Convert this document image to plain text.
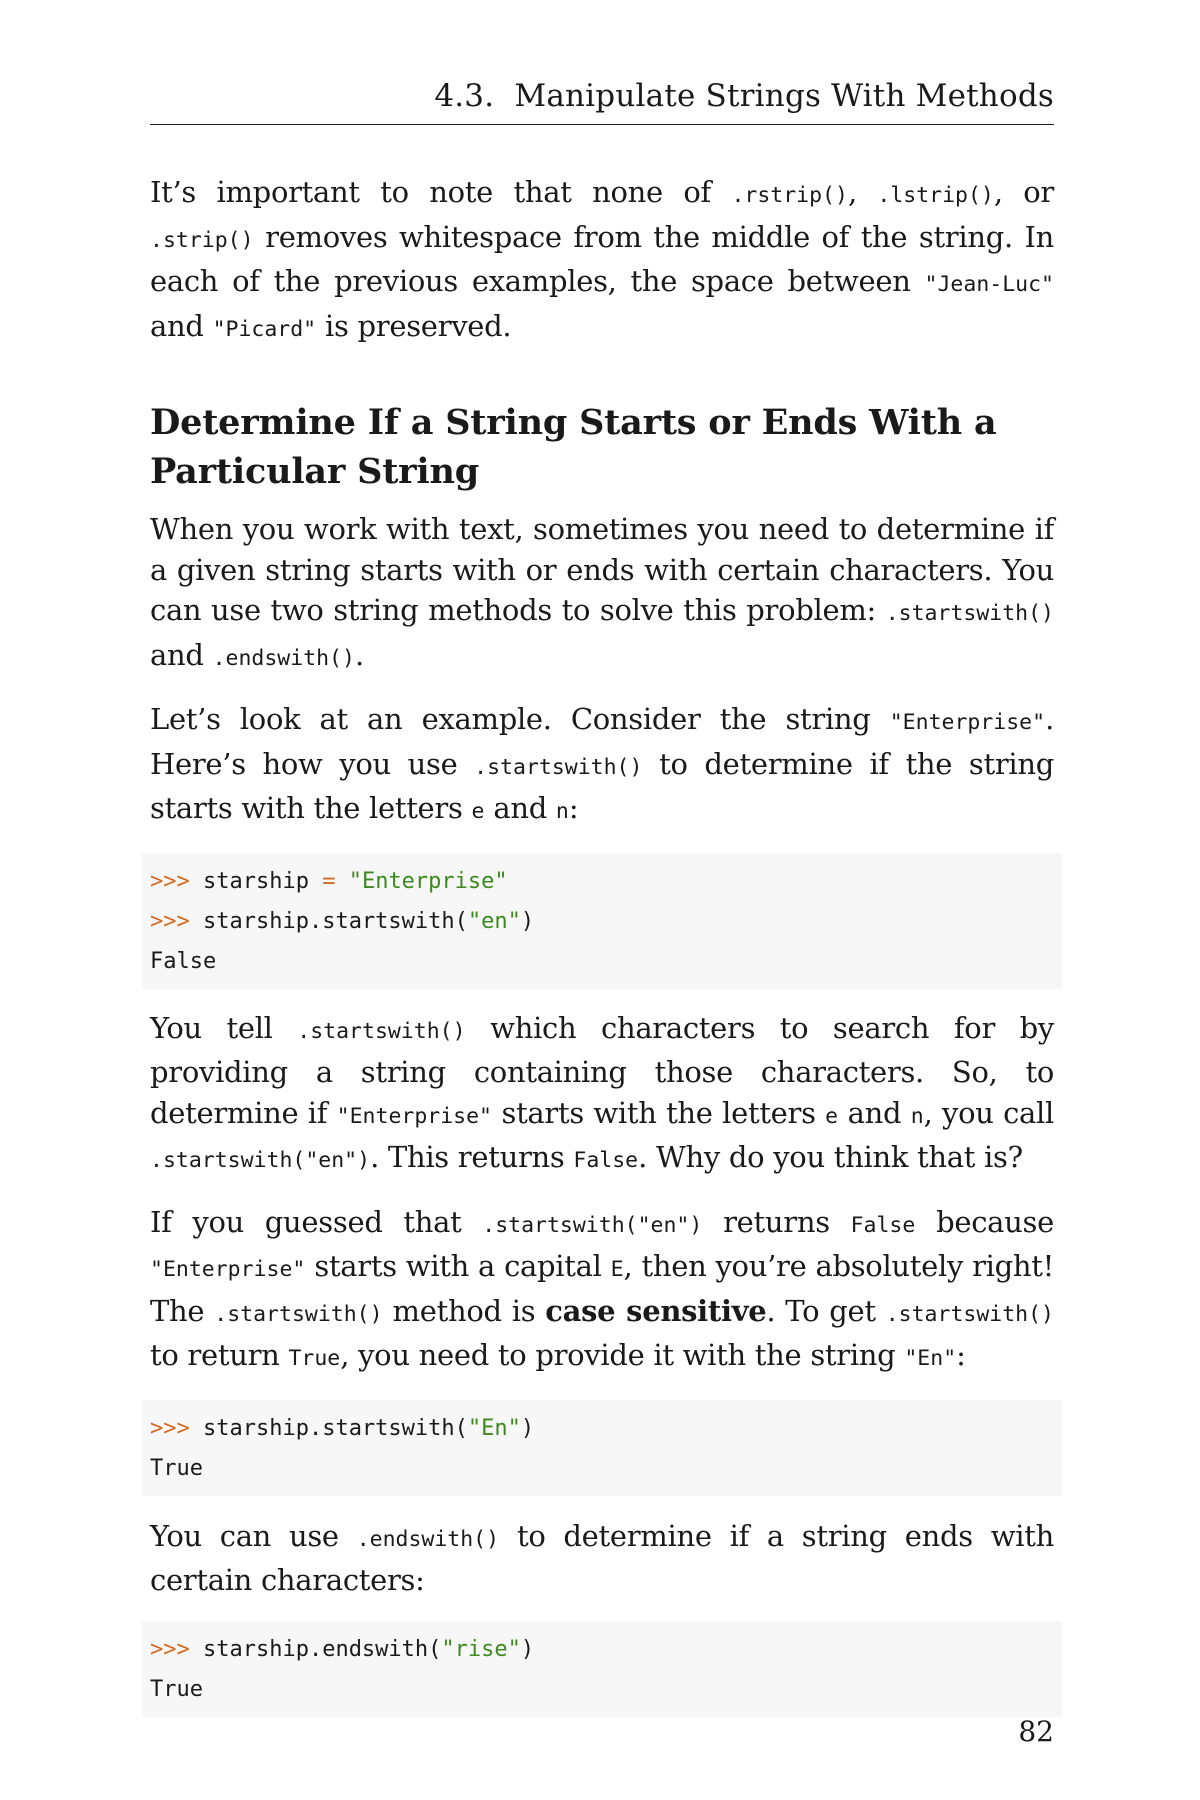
4.3. Manipulate Strings With Methods

It’s important to note that none of .rstrip(), .lstrip(), or .strip() removes whitespace from the middle of the string. In each of the previous examples, the space between "Jean-Luc" and "Picard" is preserved.

Determine If a String Starts or Ends With a Particular String

When you work with text, sometimes you need to determine if a given string starts with or ends with certain characters. You can use two string methods to solve this problem: .startswith() and .endswith().

Let’s look at an example. Consider the string "Enterprise". Here’s how you use .startswith() to determine if the string starts with the letters e and n:

>>> starship = "Enterprise"
>>> starship.startswith("en")
False

You tell .startswith() which characters to search for by providing a string containing those characters. So, to determine if "Enterprise" starts with the letters e and n, you call .startswith("en"). This returns False. Why do you think that is?

If you guessed that .startswith("en") returns False because "Enterprise" starts with a capital E, then you’re absolutely right! The .startswith() method is case sensitive. To get .startswith() to return True, you need to provide it with the string "En":

>>> starship.startswith("En")
True

You can use .endswith() to determine if a string ends with certain characters:

>>> starship.endswith("rise")
True
82
